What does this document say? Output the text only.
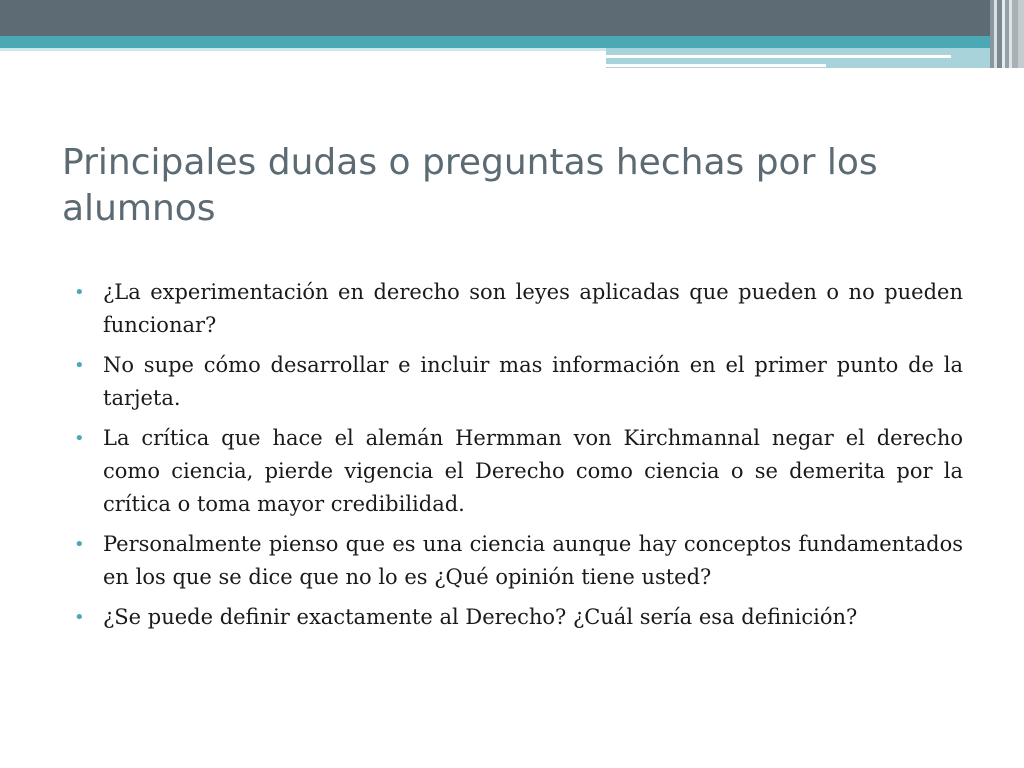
Principales dudas o preguntas hechas por los alumnos
• ¿La experimentación en derecho son leyes aplicadas que pueden o no pueden funcionar?
• No supe cómo desarrollar e incluir mas información en el primer punto de la tarjeta.
• La crítica que hace el alemán Hermman von Kirchmannal negar el derecho como ciencia, pierde vigencia el Derecho como ciencia o se demerita por la crítica o toma mayor credibilidad.
• Personalmente pienso que es una ciencia aunque hay conceptos fundamentados en los que se dice que no lo es ¿Qué opinión tiene usted?
• ¿Se puede definir exactamente al Derecho? ¿Cuál sería esa definición?
